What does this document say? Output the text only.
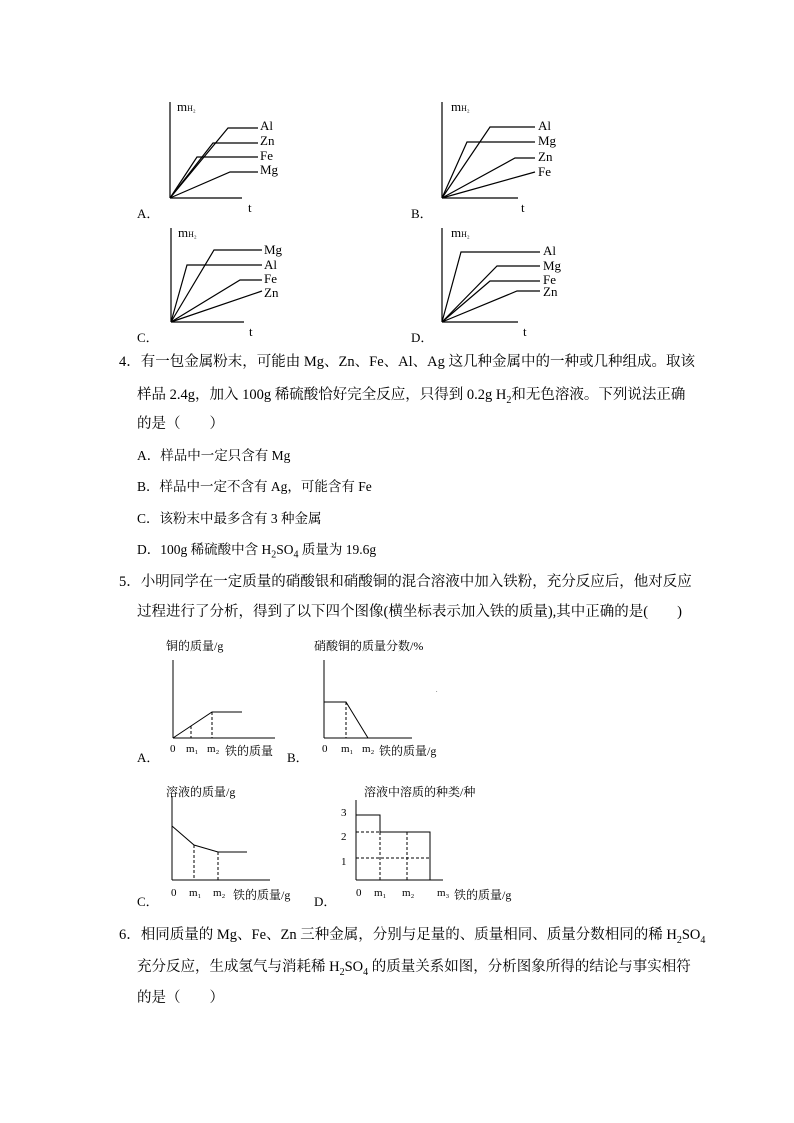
mH₂
Al
Zn
Fe
Mg
t
A．
mH₂
Al
Mg
Zn
Fe
t
B．
mH₂
Mg
Al
Fe
Zn
t
C．
mH₂
Al
Mg
Fe
Zn
t
D．
4．有一包金属粉末，可能由 Mg、Zn、Fe、Al、Ag 这几种金属中的一种或几种组成。取该
样品 2.4g，加入 100g 稀硫酸恰好完全反应，只得到 0.2g $H_2$和无色溶液。下列说法正确
的是（　　）
A．样品中一定只含有 Mg
B．样品中一定不含有 Ag，可能含有 Fe
C．该粉末中最多含有 3 种金属
D．100g 稀硫酸中含 $H_2SO_4$ 质量为 19.6g
5．小明同学在一定质量的硝酸银和硝酸铜的混合溶液中加入铁粉，充分反应后，他对反应
过程进行了分析，得到了以下四个图像(横坐标表示加入铁的质量),其中正确的是(　　)
.
铜的质量/g
0 m₁ m₂ 铁的质量
A．
硝酸铜的质量分数/%
0 m₁ m₂ 铁的质量/g
B．
溶液的质量/g
0 m₁ m₂ 铁的质量/g
C．
溶液中溶质的种类/种
3
2
1
0 m₁ m₂ m₃ 铁的质量/g
D．
6．相同质量的 Mg、Fe、Zn 三种金属，分别与足量的、质量相同、质量分数相同的稀 $H_2SO_4$
充分反应，生成氢气与消耗稀 $H_2SO_4$ 的质量关系如图，分析图象所得的结论与事实相符
的是（　　）
